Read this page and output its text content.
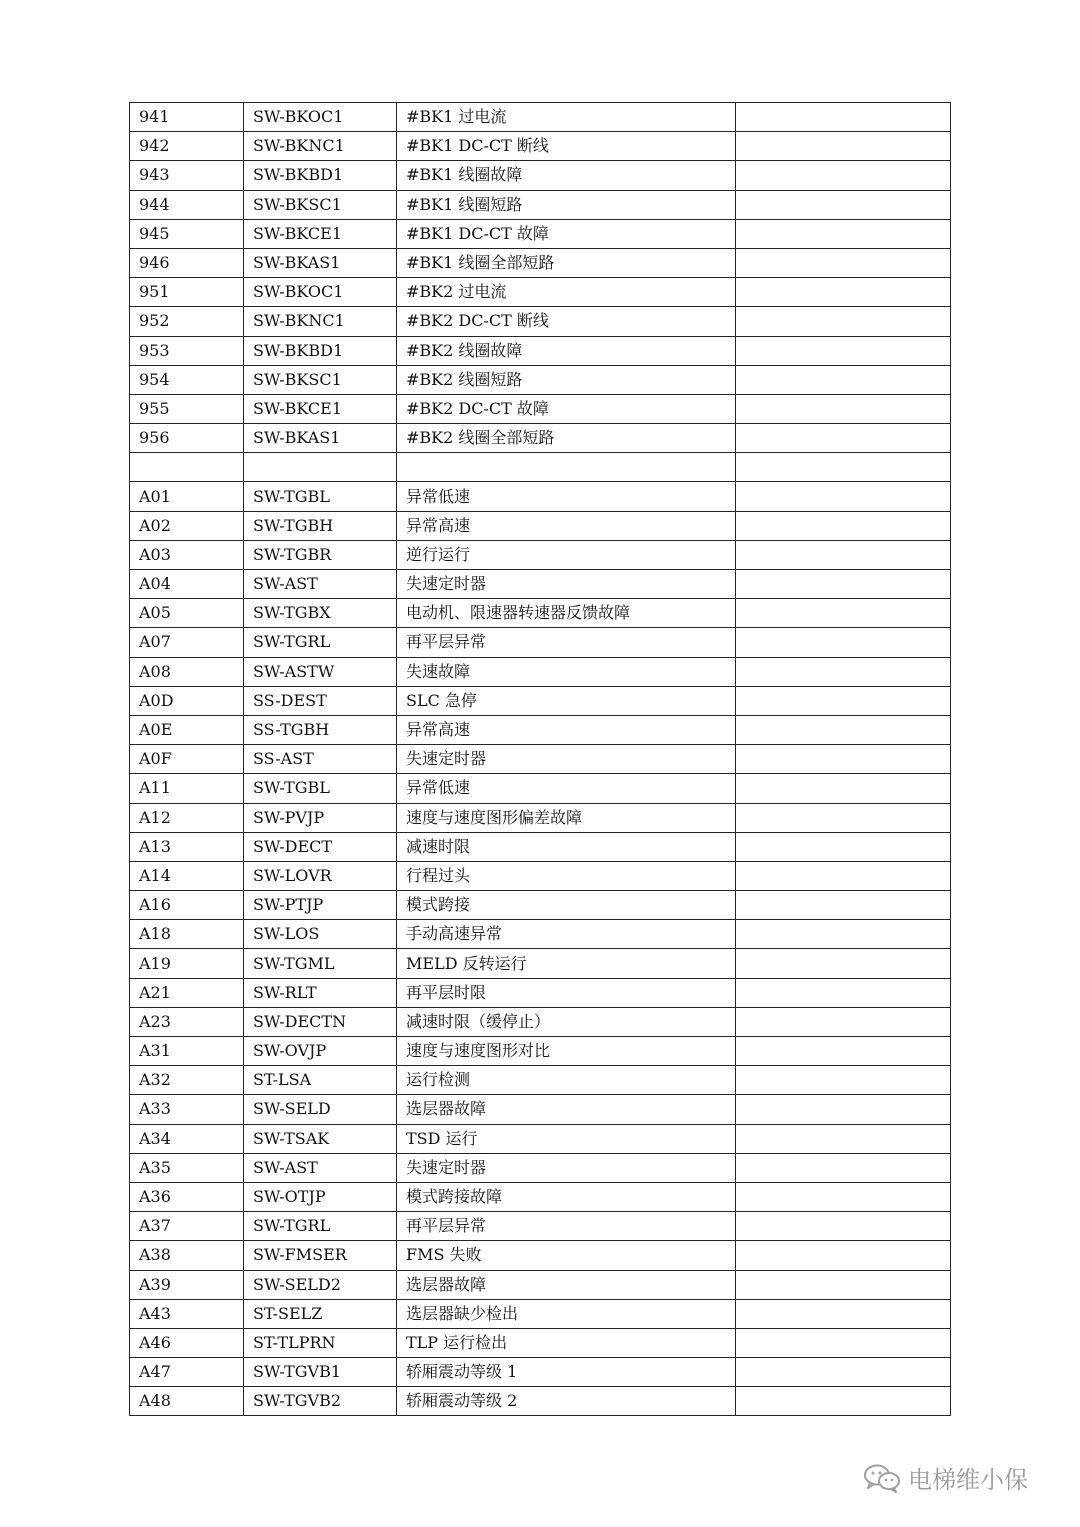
941	SW-BKOC1	#BK1 过电流	
942	SW-BKNC1	#BK1 DC-CT 断线	
943	SW-BKBD1	#BK1 线圈故障	
944	SW-BKSC1	#BK1 线圈短路	
945	SW-BKCE1	#BK1 DC-CT 故障	
946	SW-BKAS1	#BK1 线圈全部短路	
951	SW-BKOC1	#BK2 过电流	
952	SW-BKNC1	#BK2 DC-CT 断线	
953	SW-BKBD1	#BK2 线圈故障	
954	SW-BKSC1	#BK2 线圈短路	
955	SW-BKCE1	#BK2 DC-CT 故障	
956	SW-BKAS1	#BK2 线圈全部短路	

A01	SW-TGBL	异常低速	
A02	SW-TGBH	异常高速	
A03	SW-TGBR	逆行运行	
A04	SW-AST	失速定时器	
A05	SW-TGBX	电动机、限速器转速器反馈故障	
A07	SW-TGRL	再平层异常	
A08	SW-ASTW	失速故障	
A0D	SS-DEST	SLC 急停	
A0E	SS-TGBH	异常高速	
A0F	SS-AST	失速定时器	
A11	SW-TGBL	异常低速	
A12	SW-PVJP	速度与速度图形偏差故障	
A13	SW-DECT	减速时限	
A14	SW-LOVR	行程过头	
A16	SW-PTJP	模式跨接	
A18	SW-LOS	手动高速异常	
A19	SW-TGML	MELD 反转运行	
A21	SW-RLT	再平层时限	
A23	SW-DECTN	减速时限（缓停止）	
A31	SW-OVJP	速度与速度图形对比	
A32	ST-LSA	运行检测	
A33	SW-SELD	选层器故障	
A34	SW-TSAK	TSD 运行	
A35	SW-AST	失速定时器	
A36	SW-OTJP	模式跨接故障	
A37	SW-TGRL	再平层异常	
A38	SW-FMSER	FMS 失败	
A39	SW-SELD2	选层器故障	
A43	ST-SELZ	选层器缺少检出	
A46	ST-TLPRN	TLP 运行检出	
A47	SW-TGVB1	轿厢震动等级 1	
A48	SW-TGVB2	轿厢震动等级 2	
电梯维小保
